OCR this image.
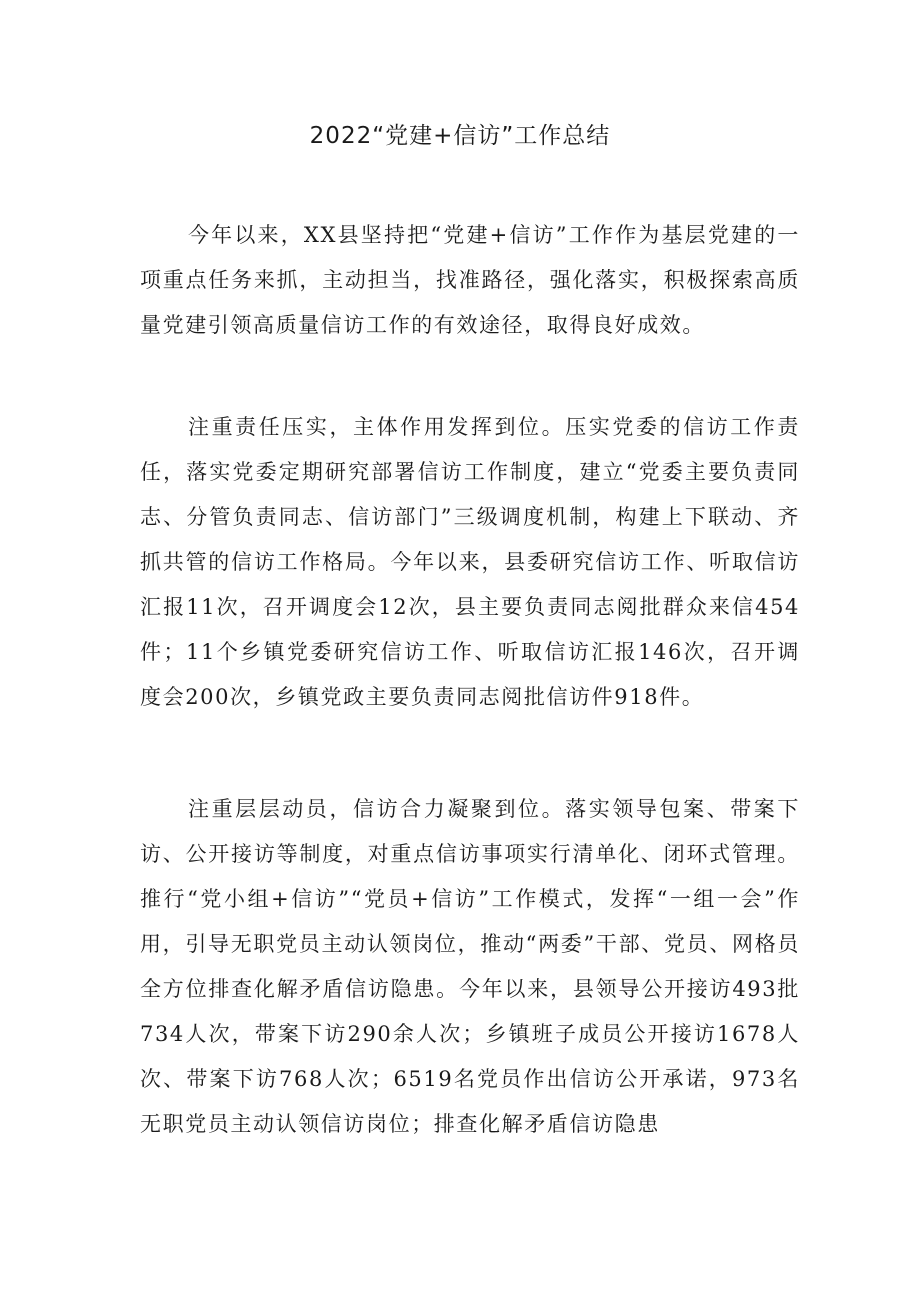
2022“党建+信访”工作总结

今年以来，XX县坚持把“党建+信访”工作作为基层党建的一项重点任务来抓，主动担当，找准路径，强化落实，积极探索高质量党建引领高质量信访工作的有效途径，取得良好成效。

注重责任压实，主体作用发挥到位。压实党委的信访工作责任，落实党委定期研究部署信访工作制度，建立“党委主要负责同志、分管负责同志、信访部门”三级调度机制，构建上下联动、齐抓共管的信访工作格局。今年以来，县委研究信访工作、听取信访汇报11次，召开调度会12次，县主要负责同志阅批群众来信454件；11个乡镇党委研究信访工作、听取信访汇报146次，召开调度会200次，乡镇党政主要负责同志阅批信访件918件。

注重层层动员，信访合力凝聚到位。落实领导包案、带案下访、公开接访等制度，对重点信访事项实行清单化、闭环式管理。推行“党小组+信访”“党员+信访”工作模式，发挥“一组一会”作用，引导无职党员主动认领岗位，推动“两委”干部、党员、网格员全方位排查化解矛盾信访隐患。今年以来，县领导公开接访493批734人次，带案下访290余人次；乡镇班子成员公开接访1678人次、带案下访768人次；6519名党员作出信访公开承诺，973名无职党员主动认领信访岗位；排查化解矛盾信访隐患
